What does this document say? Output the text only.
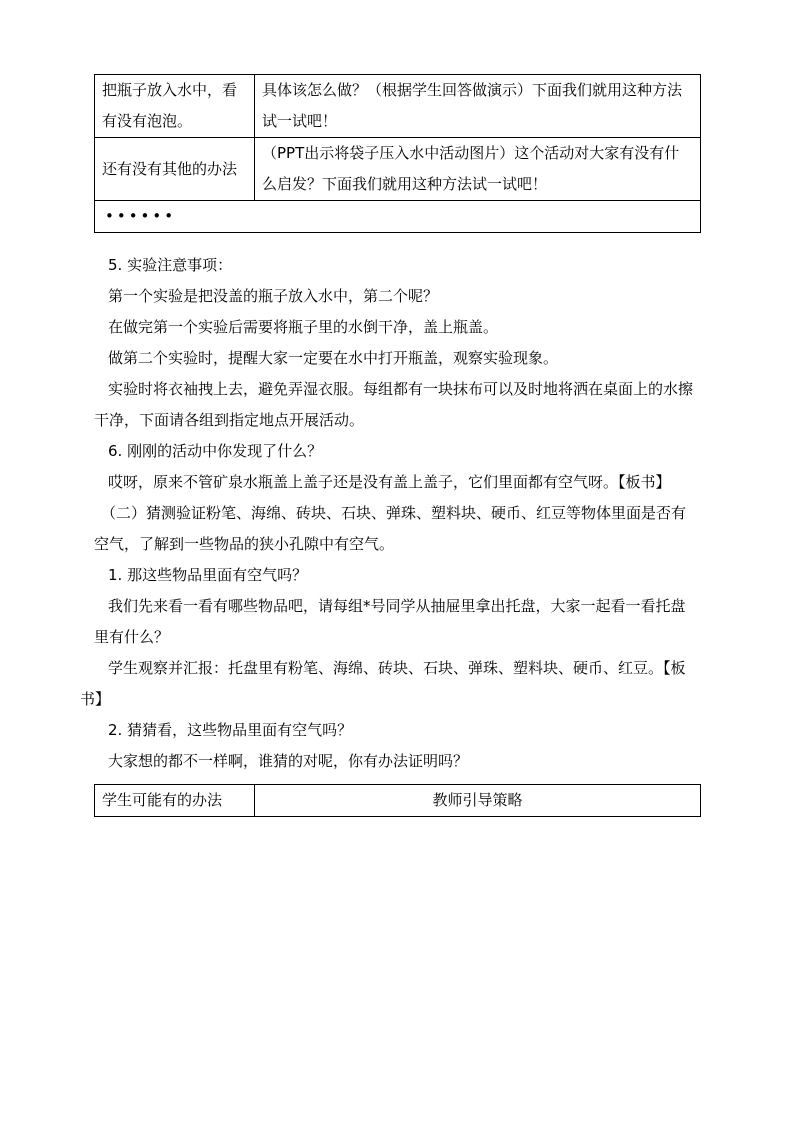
把瓶子放入水中，看有没有泡泡。	具体该怎么做？（根据学生回答做演示）下面我们就用这种方法试一试吧！
还有没有其他的办法	（PPT出示将袋子压入水中活动图片）这个活动对大家有没有什么启发？下面我们就用这种方法试一试吧！
••••••	
5. 实验注意事项：
第一个实验是把没盖的瓶子放入水中，第二个呢？
在做完第一个实验后需要将瓶子里的水倒干净，盖上瓶盖。
做第二个实验时，提醒大家一定要在水中打开瓶盖，观察实验现象。
实验时将衣袖拽上去，避免弄湿衣服。每组都有一块抹布可以及时地将洒在桌面上的水擦干净，下面请各组到指定地点开展活动。
6. 刚刚的活动中你发现了什么？
哎呀，原来不管矿泉水瓶盖上盖子还是没有盖上盖子，它们里面都有空气呀。【板书】
（二）猜测验证粉笔、海绵、砖块、石块、弹珠、塑料块、硬币、红豆等物体里面是否有空气，了解到一些物品的狭小孔隙中有空气。
1. 那这些物品里面有空气吗？
我们先来看一看有哪些物品吧，请每组*号同学从抽屉里拿出托盘，大家一起看一看托盘里有什么？
学生观察并汇报：托盘里有粉笔、海绵、砖块、石块、弹珠、塑料块、硬币、红豆。【板书】
2. 猜猜看，这些物品里面有空气吗？
大家想的都不一样啊，谁猜的对呢，你有办法证明吗？
学生可能有的办法	教师引导策略
